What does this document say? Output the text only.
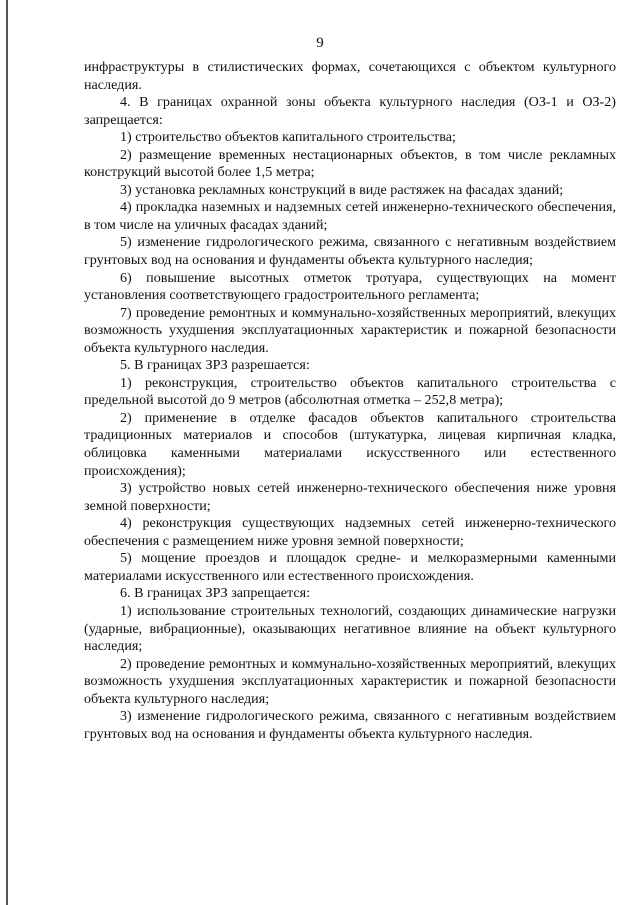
9

инфраструктуры в стилистических формах, сочетающихся с объектом культурного наследия.

4. В границах охранной зоны объекта культурного наследия (ОЗ-1 и ОЗ-2) запрещается:

1) строительство объектов капитального строительства;

2) размещение временных нестационарных объектов, в том числе рекламных конструкций высотой более 1,5 метра;

3) установка рекламных конструкций в виде растяжек на фасадах зданий;

4) прокладка наземных и надземных сетей инженерно-технического обеспечения, в том числе на уличных фасадах зданий;

5) изменение гидрологического режима, связанного с негативным воздействием грунтовых вод на основания и фундаменты объекта культурного наследия;

6) повышение высотных отметок тротуара, существующих на момент установления соответствующего градостроительного регламента;

7) проведение ремонтных и коммунально-хозяйственных мероприятий, влекущих возможность ухудшения эксплуатационных характеристик и пожарной безопасности объекта культурного наследия.

5. В границах ЗРЗ разрешается:

1) реконструкция, строительство объектов капитального строительства с предельной высотой до 9 метров (абсолютная отметка – 252,8 метра);

2) применение в отделке фасадов объектов капитального строительства традиционных материалов и способов (штукатурка, лицевая кирпичная кладка, облицовка каменными материалами искусственного или естественного происхождения);

3) устройство новых сетей инженерно-технического обеспечения ниже уровня земной поверхности;

4) реконструкция существующих надземных сетей инженерно-технического обеспечения с размещением ниже уровня земной поверхности;

5) мощение проездов и площадок средне- и мелкоразмерными каменными материалами искусственного или естественного происхождения.

6. В границах ЗРЗ запрещается:

1) использование строительных технологий, создающих динамические нагрузки (ударные, вибрационные), оказывающих негативное влияние на объект культурного наследия;

2) проведение ремонтных и коммунально-хозяйственных мероприятий, влекущих возможность ухудшения эксплуатационных характеристик и пожарной безопасности объекта культурного наследия;

3) изменение гидрологического режима, связанного с негативным воздействием грунтовых вод на основания и фундаменты объекта культурного наследия.
